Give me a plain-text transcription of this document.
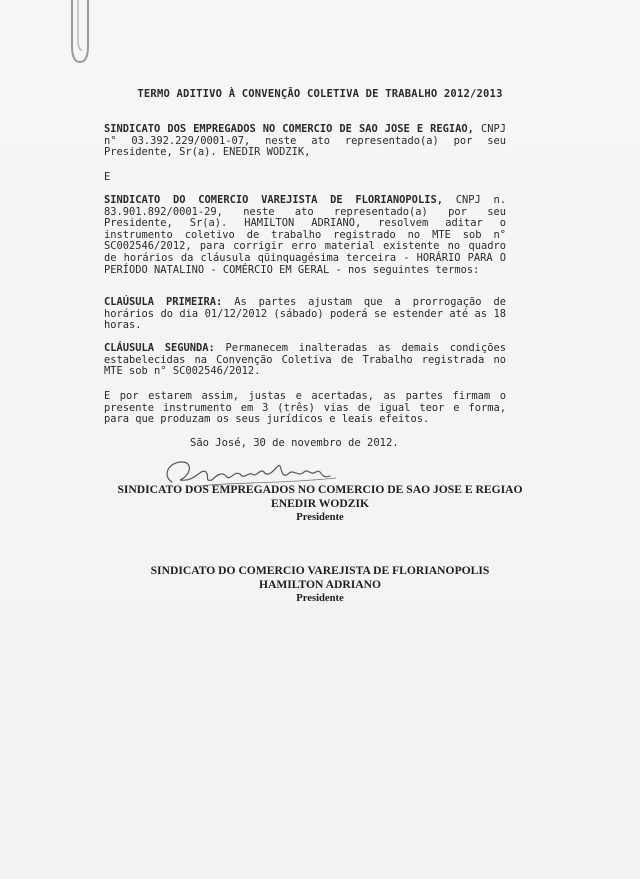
TERMO ADITIVO À CONVENÇÃO COLETIVA DE TRABALHO 2012/2013
SINDICATO DOS EMPREGADOS NO COMERCIO DE SAO JOSE E REGIAO, CNPJ n° 03.392.229/0001-07, neste ato representado(a) por seu Presidente, Sr(a). ENEDIR WODZIK,
E
SINDICATO DO COMERCIO VAREJISTA DE FLORIANOPOLIS, CNPJ n. 83.901.892/0001-29, neste ato representado(a) por seu Presidente, Sr(a). HAMILTON ADRIANO, resolvem aditar o instrumento coletivo de trabalho registrado no MTE sob n° SC002546/2012, para corrigir erro material existente no quadro de horários da cláusula qüinquagésima terceira - HORÁRIO PARA O PERÍODO NATALINO - COMÉRCIO EM GERAL - nos seguintes termos:
CLAÚSULA PRIMEIRA: As partes ajustam que a prorrogação de horários do dia 01/12/2012 (sábado) poderá se estender até as 18 horas.
CLÁUSULA SEGUNDA: Permanecem inalteradas as demais condições estabelecidas na Convenção Coletiva de Trabalho registrada no MTE sob n° SC002546/2012.
E por estarem assim, justas e acertadas, as partes firmam o presente instrumento em 3 (três) vias de igual teor e forma, para que produzam os seus jurídicos e leais efeitos.
São José, 30 de novembro de 2012.
SINDICATO DOS EMPREGADOS NO COMERCIO DE SAO JOSE E REGIAO
ENEDIR WODZIK
Presidente
SINDICATO DO COMERCIO VAREJISTA DE FLORIANOPOLIS
HAMILTON ADRIANO
Presidente
